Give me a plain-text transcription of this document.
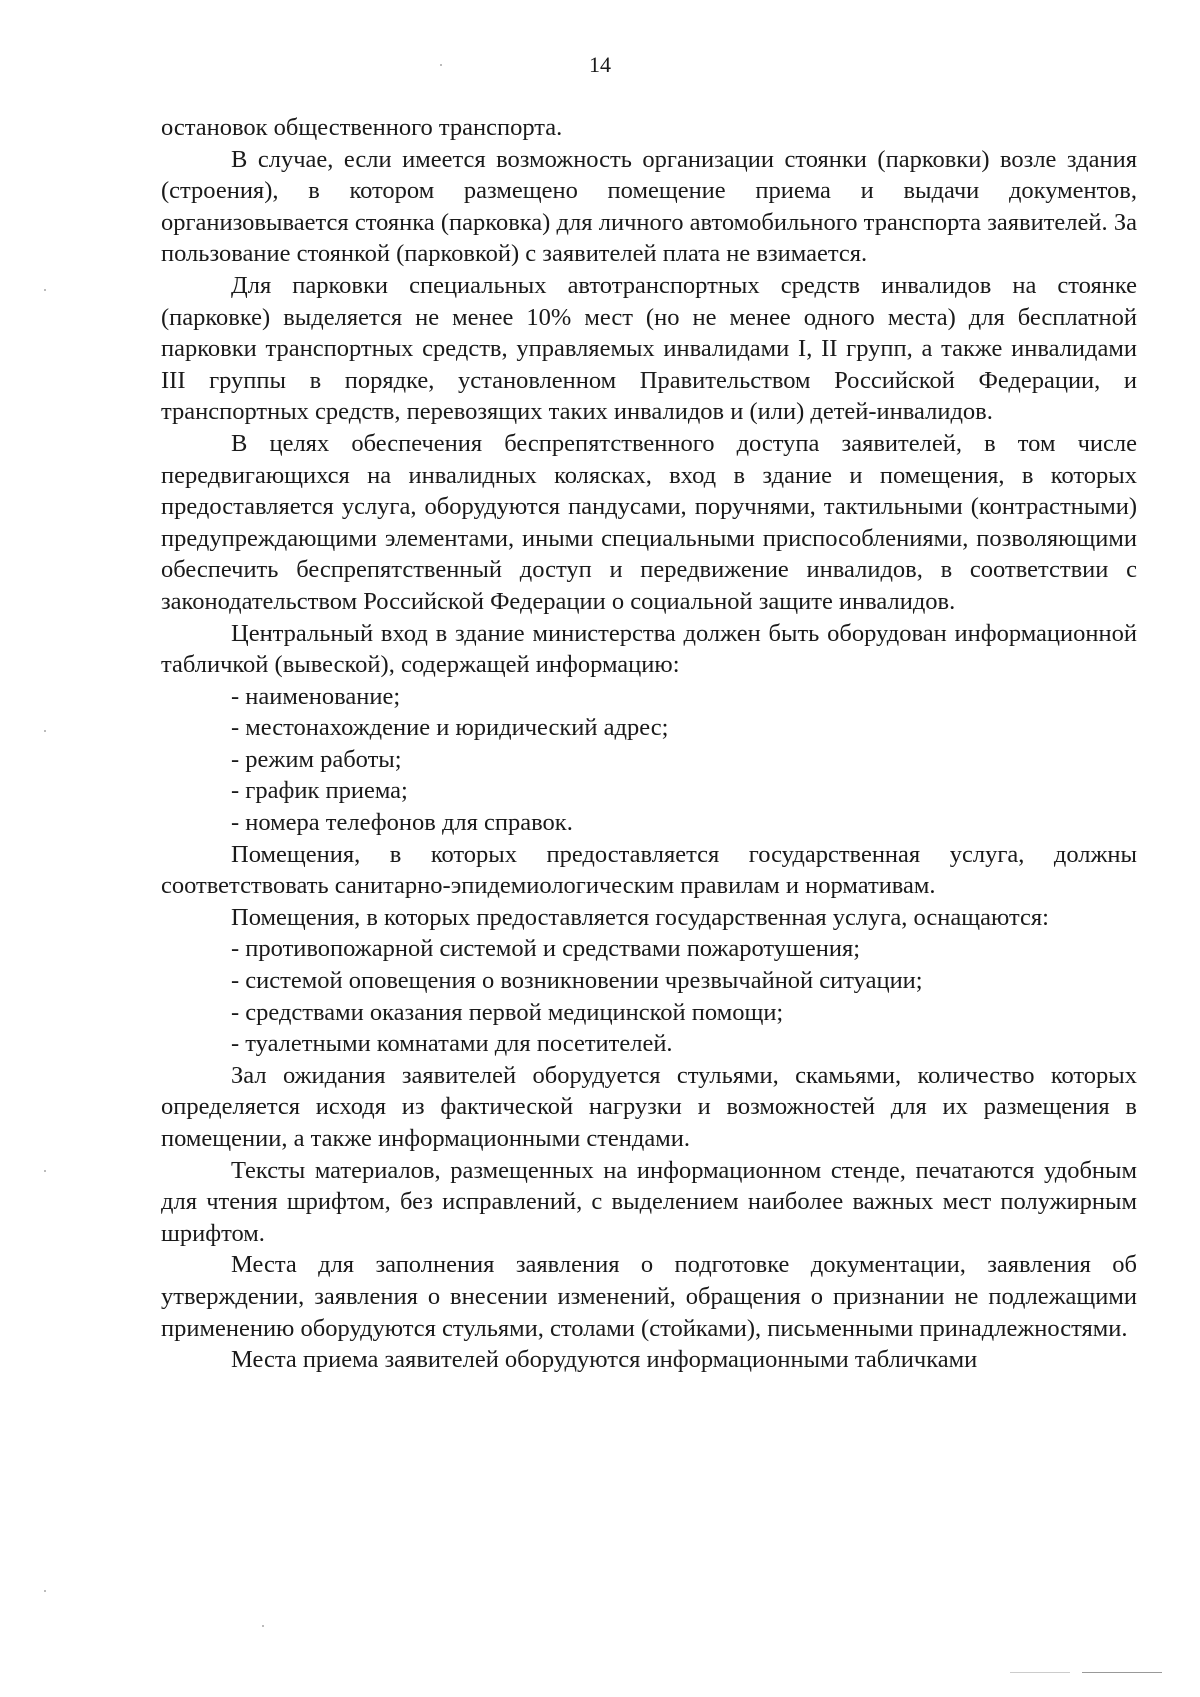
14

остановок общественного транспорта.

В случае, если имеется возможность организации стоянки (парковки) возле здания (строения), в котором размещено помещение приема и выдачи документов, организовывается стоянка (парковка) для личного автомобильного транспорта заявителей. За пользование стоянкой (парковкой) с заявителей плата не взимается.

Для парковки специальных автотранспортных средств инвалидов на стоянке (парковке) выделяется не менее 10% мест (но не менее одного места) для бесплатной парковки транспортных средств, управляемых инвалидами I, II групп, а также инвалидами III группы в порядке, установленном Правительством Российской Федерации, и транспортных средств, перевозящих таких инвалидов и (или) детей-инвалидов.

В целях обеспечения беспрепятственного доступа заявителей, в том числе передвигающихся на инвалидных колясках, вход в здание и помещения, в которых предоставляется услуга, оборудуются пандусами, поручнями, тактильными (контрастными) предупреждающими элементами, иными специальными приспособлениями, позволяющими обеспечить беспрепятственный доступ и передвижение инвалидов, в соответствии с законодательством Российской Федерации о социальной защите инвалидов.

Центральный вход в здание министерства должен быть оборудован информационной табличкой (вывеской), содержащей информацию:

- наименование;

- местонахождение и юридический адрес;

- режим работы;

- график приема;

- номера телефонов для справок.

Помещения, в которых предоставляется государственная услуга, должны соответствовать санитарно-эпидемиологическим правилам и нормативам.

Помещения, в которых предоставляется государственная услуга, оснащаются:

- противопожарной системой и средствами пожаротушения;

- системой оповещения о возникновении чрезвычайной ситуации;

- средствами оказания первой медицинской помощи;

- туалетными комнатами для посетителей.

Зал ожидания заявителей оборудуется стульями, скамьями, количество которых определяется исходя из фактической нагрузки и возможностей для их размещения в помещении, а также информационными стендами.

Тексты материалов, размещенных на информационном стенде, печатаются удобным для чтения шрифтом, без исправлений, с выделением наиболее важных мест полужирным шрифтом.

Места для заполнения заявления о подготовке документации, заявления об утверждении, заявления о внесении изменений, обращения о признании не подлежащими применению оборудуются стульями, столами (стойками), письменными принадлежностями.

Места приема заявителей оборудуются информационными табличками
